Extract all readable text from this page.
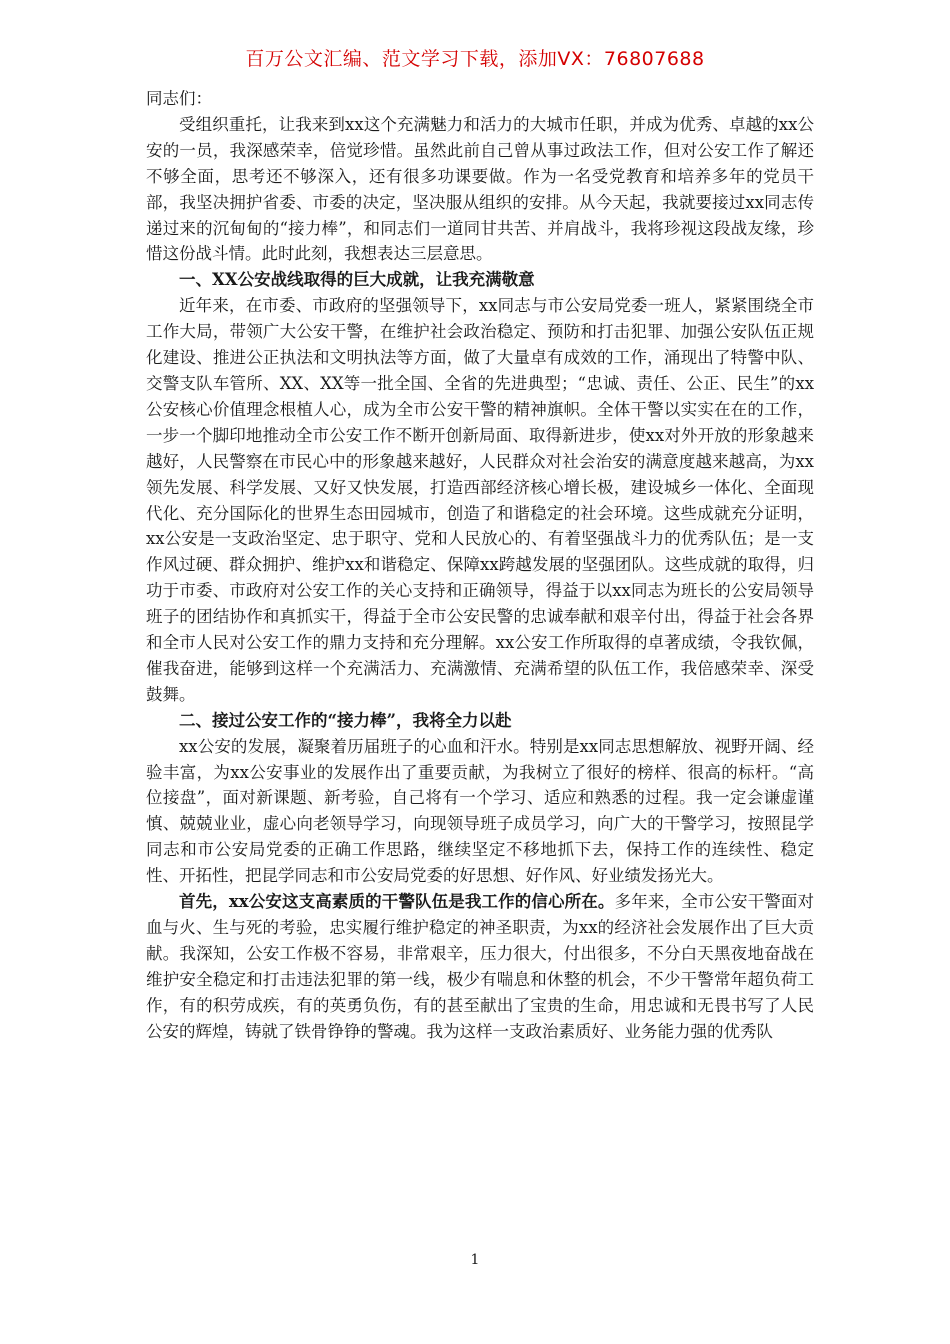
百万公文汇编、范文学习下载，添加VX：76807688

同志们：

受组织重托，让我来到xx这个充满魅力和活力的大城市任职，并成为优秀、卓越的xx公安的一员，我深感荣幸，倍觉珍惜。虽然此前自己曾从事过政法工作，但对公安工作了解还不够全面，思考还不够深入，还有很多功课要做。作为一名受党教育和培养多年的党员干部，我坚决拥护省委、市委的决定，坚决服从组织的安排。从今天起，我就要接过xx同志传递过来的沉甸甸的“接力棒”，和同志们一道同甘共苦、并肩战斗，我将珍视这段战友缘，珍惜这份战斗情。此时此刻，我想表达三层意思。

一、XX公安战线取得的巨大成就，让我充满敬意

近年来，在市委、市政府的坚强领导下，xx同志与市公安局党委一班人，紧紧围绕全市工作大局，带领广大公安干警，在维护社会政治稳定、预防和打击犯罪、加强公安队伍正规化建设、推进公正执法和文明执法等方面，做了大量卓有成效的工作，涌现出了特警中队、交警支队车管所、XX、XX等一批全国、全省的先进典型；“忠诚、责任、公正、民生”的xx公安核心价值理念根植人心，成为全市公安干警的精神旗帜。全体干警以实实在在的工作，一步一个脚印地推动全市公安工作不断开创新局面、取得新进步，使xx对外开放的形象越来越好，人民警察在市民心中的形象越来越好，人民群众对社会治安的满意度越来越高，为xx领先发展、科学发展、又好又快发展，打造西部经济核心增长极，建设城乡一体化、全面现代化、充分国际化的世界生态田园城市，创造了和谐稳定的社会环境。这些成就充分证明，xx公安是一支政治坚定、忠于职守、党和人民放心的、有着坚强战斗力的优秀队伍；是一支作风过硬、群众拥护、维护xx和谐稳定、保障xx跨越发展的坚强团队。这些成就的取得，归功于市委、市政府对公安工作的关心支持和正确领导，得益于以xx同志为班长的公安局领导班子的团结协作和真抓实干，得益于全市公安民警的忠诚奉献和艰辛付出，得益于社会各界和全市人民对公安工作的鼎力支持和充分理解。xx公安工作所取得的卓著成绩，令我钦佩，催我奋进，能够到这样一个充满活力、充满激情、充满希望的队伍工作，我倍感荣幸、深受鼓舞。

二、接过公安工作的“接力棒”，我将全力以赴

xx公安的发展，凝聚着历届班子的心血和汗水。特别是xx同志思想解放、视野开阔、经验丰富，为xx公安事业的发展作出了重要贡献，为我树立了很好的榜样、很高的标杆。“高位接盘”，面对新课题、新考验，自己将有一个学习、适应和熟悉的过程。我一定会谦虚谨慎、兢兢业业，虚心向老领导学习，向现领导班子成员学习，向广大的干警学习，按照昆学同志和市公安局党委的正确工作思路，继续坚定不移地抓下去，保持工作的连续性、稳定性、开拓性，把昆学同志和市公安局党委的好思想、好作风、好业绩发扬光大。

首先，xx公安这支高素质的干警队伍是我工作的信心所在。多年来，全市公安干警面对血与火、生与死的考验，忠实履行维护稳定的神圣职责，为xx的经济社会发展作出了巨大贡献。我深知，公安工作极不容易，非常艰辛，压力很大，付出很多，不分白天黑夜地奋战在维护安全稳定和打击违法犯罪的第一线，极少有喘息和休整的机会，不少干警常年超负荷工作，有的积劳成疾，有的英勇负伤，有的甚至献出了宝贵的生命，用忠诚和无畏书写了人民公安的辉煌，铸就了铁骨铮铮的警魂。我为这样一支政治素质好、业务能力强的优秀队

1
